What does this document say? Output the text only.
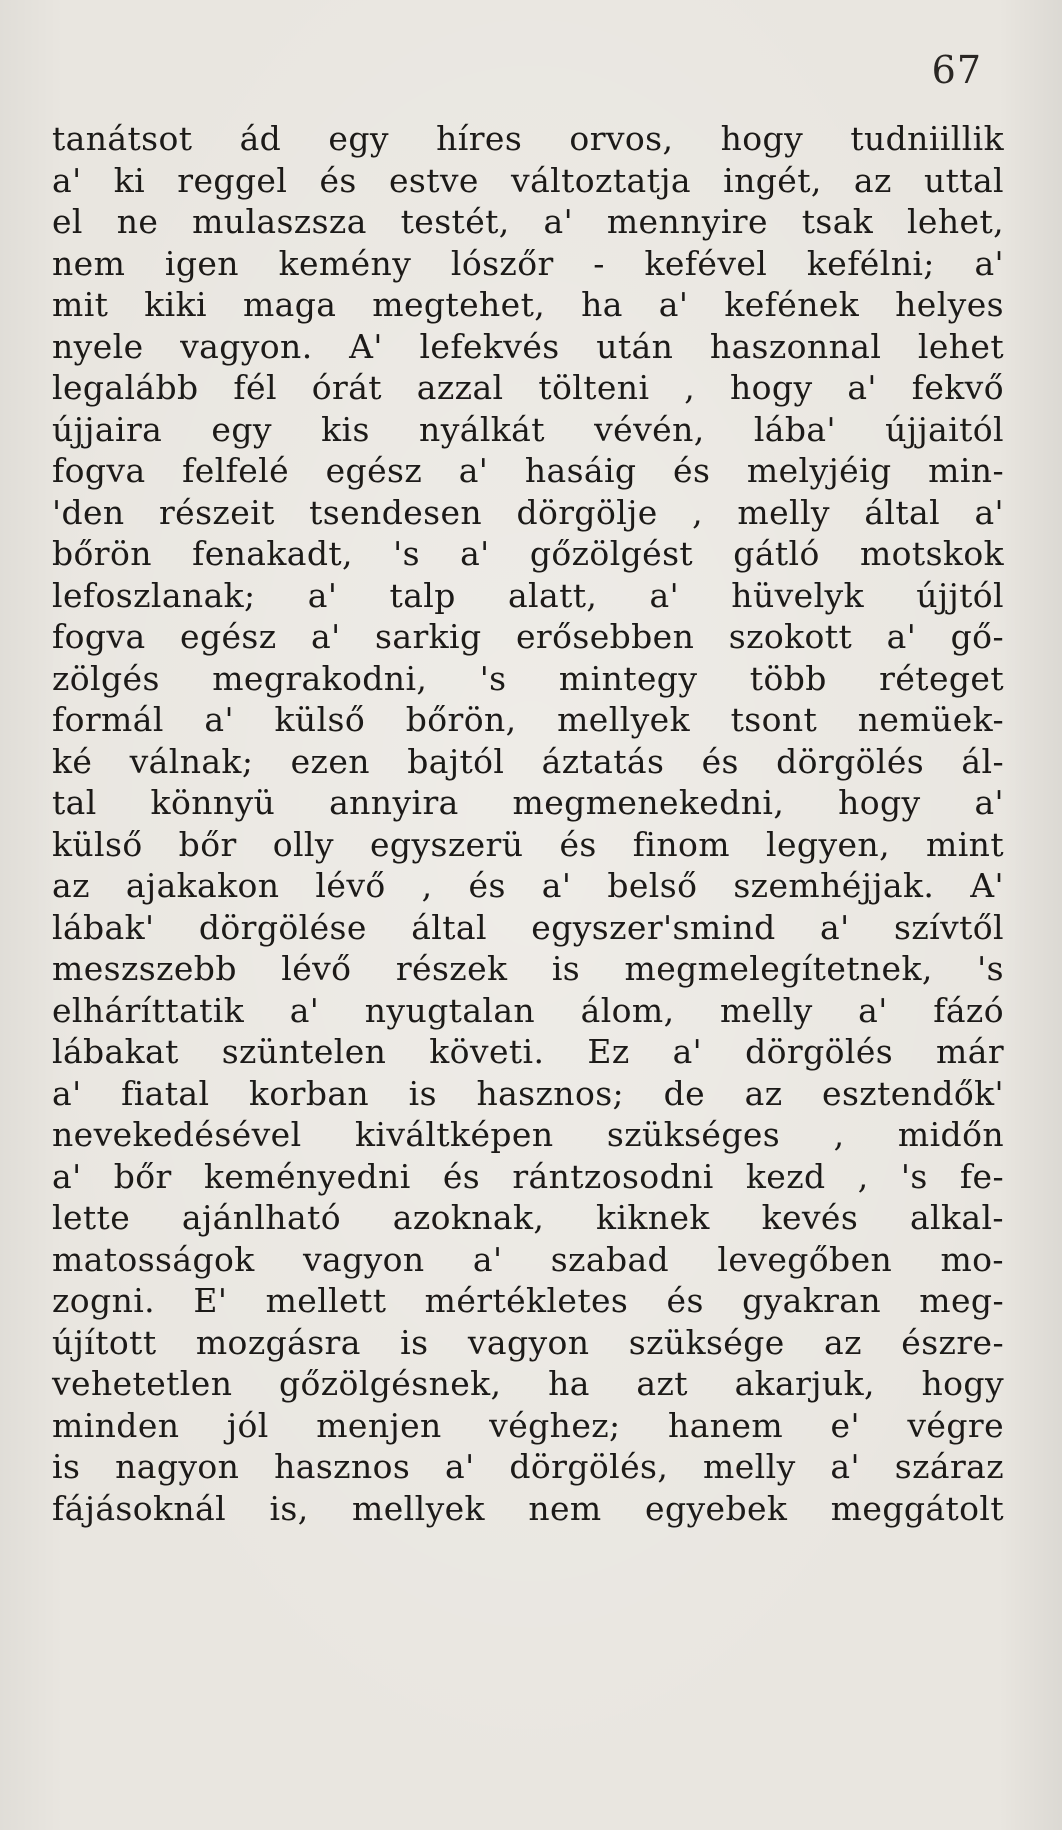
67
tanátsot ád egy híres orvos, hogy tudniillik
a' ki reggel és estve változtatja ingét, az uttal
el ne mulaszsza testét, a' mennyire tsak lehet,
nem igen kemény lószőr - kefével kefélni; a'
mit kiki maga megtehet, ha a' kefének helyes
nyele vagyon. A' lefekvés után haszonnal lehet
legalább fél órát azzal tölteni , hogy a' fekvő
újjaira egy kis nyálkát vévén, lába' újjaitól
fogva felfelé egész a' hasáig és melyjéig min-
'den részeit tsendesen dörgölje , melly által a'
bőrön fenakadt, 's a' gőzölgést gátló motskok
lefoszlanak; a' talp alatt, a' hüvelyk újjtól
fogva egész a' sarkig erősebben szokott a' gő-
zölgés megrakodni, 's mintegy több réteget
formál a' külső bőrön, mellyek tsont nemüek-
ké válnak; ezen bajtól áztatás és dörgölés ál-
tal könnyü annyira megmenekedni, hogy a'
külső bőr olly egyszerü és finom legyen, mint
az ajakakon lévő , és a' belső szemhéjjak. A'
lábak' dörgölése által egyszer'smind a' szívtől
meszszebb lévő részek is megmelegítetnek, 's
elháríttatik a' nyugtalan álom, melly a' fázó
lábakat szüntelen követi. Ez a' dörgölés már
a' fiatal korban is hasznos; de az esztendők'
nevekedésével kiváltképen szükséges , midőn
a' bőr keményedni és rántzosodni kezd , 's fe-
lette ajánlható azoknak, kiknek kevés alkal-
matosságok vagyon a' szabad levegőben mo-
zogni. E' mellett mértékletes és gyakran meg-
újított mozgásra is vagyon szüksége az észre-
vehetetlen gőzölgésnek, ha azt akarjuk, hogy
minden jól menjen véghez; hanem e' végre
is nagyon hasznos a' dörgölés, melly a' száraz
fájásoknál is, mellyek nem egyebek meggátolt
